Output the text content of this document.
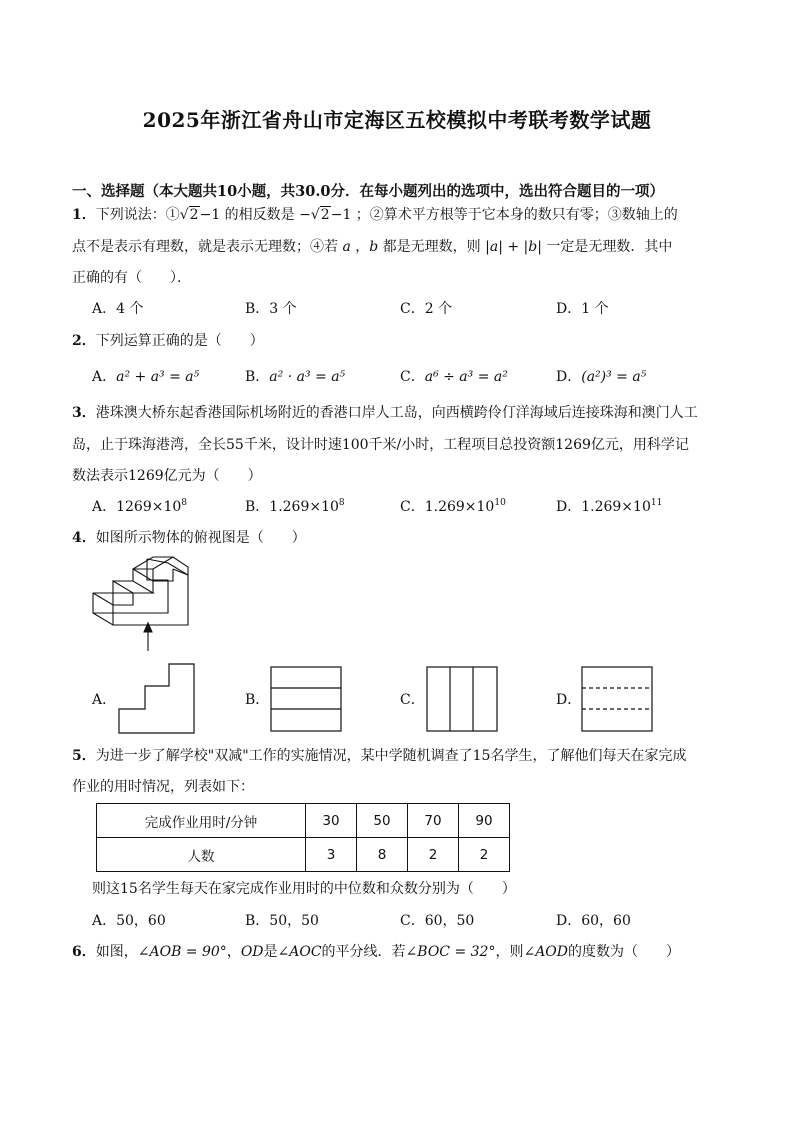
2025年浙江省舟山市定海区五校模拟中考联考数学试题
一、选择题（本大题共10小题，共30.0分．在每小题列出的选项中，选出符合题目的一项）
1．下列说法：①√2−1 的相反数是 −√2−1 ；②算术平方根等于它本身的数只有零；③数轴上的
点不是表示有理数，就是表示无理数；④若 a ，b 都是无理数，则 |a| + |b| 一定是无理数．其中
正确的有（　　）．
A．4 个	B．3 个	C．2 个	D．1 个
2．下列运算正确的是（　　）
A．a² + a³ = a⁵	B．a² · a³ = a⁵	C．a⁶ ÷ a³ = a²	D．(a²)³ = a⁵
3．港珠澳大桥东起香港国际机场附近的香港口岸人工岛，向西横跨伶仃洋海域后连接珠海和澳门人工
岛，止于珠海港湾，全长55千米，设计时速100千米/小时，工程项目总投资额1269亿元，用科学记
数法表示1269亿元为（　　）
A．$1269\times 10^8$	B．$1.269\times 10^8$	C．$1.269\times 10^{10}$	D．$1.269\times 10^{11}$
4．如图所示物体的俯视图是（　　）
A．	B．	C．	D．
5．为进一步了解学校"双减"工作的实施情况，某中学随机调查了15名学生，了解他们每天在家完成
作业的用时情况，列表如下：
完成作业用时/分钟	30	50	70	90
人数	3	8	2	2
则这15名学生每天在家完成作业用时的中位数和众数分别为（　　）
A．50，60	B．50，50	C．60，50	D．60，60
6．如图，∠AOB = 90°，OD是∠AOC的平分线．若∠BOC = 32°，则∠AOD的度数为（　　）
